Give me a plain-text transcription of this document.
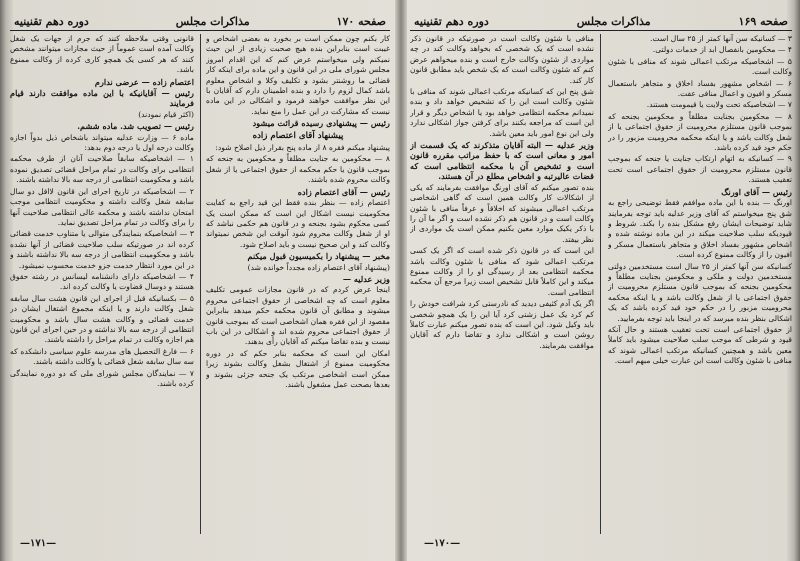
صفحه ۱۷۰
مذاکرات مجلس
دوره دهم تقنینیه

کار بکنم چون ممکن است بر بخورد به بعضی اشخاص و غیبت است بنابراین بنده هیچ صحبت زیادی از این حیث نمیکنم ولی میخواستم عرض کنم که این اقدام امروز مجلس شورای ملی در این قانون و این ماده برای اینکه کار قضائی ما روشنتر بشود و تکلیف وکلا و اشخاص معلوم باشد کمال لزوم را دارد و بنده اطمینان دارم که آقایان با این نظر موافقت خواهند فرمود و اشکالی در این ماده نیست که مشارکت در این عمل را منع نماید.

رئیس — پیشنهادی رسیده قرائت میشود

پیشنهاد آقای اعتصام زاده

پیشنهاد میکنم فقره ۸ از ماده پنج بقرار ذیل اصلاح شود:

۸ — محکومین به جنایت مطلقاً و محکومین به جنحه که بموجب قانون یا حکم محکمه از حقوق اجتماعی یا از شغل وکالت محروم شده باشند.

رئیس — آقای اعتصام زاده

اعتصام زاده — بنظر بنده فقط این قید راجع به کفایت محکومیت نیست اشکال این است که ممکن است یک کسی محکوم بشود بجنحه و در قانون هم حکمی نباشد که او از شغل وکالت محروم شود آنوقت این شخص نمیتواند وکالت کند و این صحیح نیست و باید اصلاح شود.

مخبر — پیشنهاد را بکمیسیون قبول میکنم

(پیشنهاد آقای اعتصام زاده مجدداً خوانده شد)

وزیر عدلیه —

اینجا عرض کردم که در قانون مجازات عمومی تکلیف معلوم است که چه اشخاصی از حقوق اجتماعی محروم میشوند و مطابق آن قانون محکمه حکم میدهد بنابراین مقصود از این فقره همان اشخاصی است که بموجب قانون از حقوق اجتماعی محروم شده اند و اشکالی در این باب نیست و بنده تقاضا میکنم که آقایان رأی بدهند.

امکان این است که محکمه بنابر حکم که در دوره محکومیت ممنوع از اشتغال بشغل وکالت بشوند زیرا ممکن است اشخاصی مرتکب یک جنحه جزئی بشوند و بعدها بصحت عمل مشغول باشند.

قانونی وقتی ملاحظه کنند که جرم از جهات یک شغل وکالت آمده است عموماً از حیث مجازات میتوانند مشخص کنند که هر کسی یک همچو کاری کرده از وکالت ممنوع باشد.

اعتصام زاده — عرضی ندارم

رئیس — آقایانیکه با این ماده موافقت دارند قیام فرمایند

(اکثر قیام نمودند)

رئیس — تصویب شد. ماده ششم.

ماده ۶ — وزارت عدلیه میتواند باشخاص ذیل بدواً اجازه وکالت درجه اول یا درجه دوم بدهد:

۱ — اشخاصیکه سابقاً صلاحیت آنان از طرف محکمه انتظامی برای وکالت در تمام مراحل قضائی تصدیق نموده باشد و محکومیت انتظامی از درجه سه بالا نداشته باشند.

۲ — اشخاصیکه در تاریخ اجرای این قانون لااقل دو سال سابقه شغل وکالت داشته و محکومیت انتظامی موجب امتحان نداشته باشند و محکمه عالی انتظامی صلاحیت آنها را برای وکالت در تمام مراحل تصدیق نماید.

۳ — اشخاصیکه بنمایندگی متوالی یا متناوب خدمت قضائی کرده اند در صورتیکه سلب صلاحیت قضائی از آنها نشده باشد و محکومیت انتظامی از درجه سه بالا نداشته باشند و در این مورد انتظار خدمت جزو خدمت محسوب نمیشود.

۴ — اشخاصیکه دارای دانشنامه لیسانس در رشته حقوق هستند و دوسال قضاوت یا وکالت کرده اند.

۵ — بکسانیکه قبل از اجرای این قانون هشت سال سابقه شغل وکالت دارند و یا اینکه مجموع اشتغال ایشان در خدمت قضائی و وکالت هشت سال باشد و محکومیت انتظامی از درجه سه بالا نداشته و در حین اجرای این قانون هم اجازه وکالت در تمام مراحل را داشته باشند.

۶ — فارغ التحصیل های مدرسه علوم سیاسی دانشکده که سه سال سابقه شغل قضائی یا وکالت داشته باشند.

۷ — نمایندگان مجلس شورای ملی که دو دوره نمایندگی کرده باشند.

—۱۷۱—
صفحه ۱۶۹
مذاکرات مجلس
دوره دهم تقنینیه

۳ — کسانیکه سن آنها کمتر از ۲۵ سال است.

۴ — محکومین بانفصال ابد از خدمات دولتی.

۵ — اشخاصیکه مرتکب اعمالی شوند که منافی با شئون وکالت است.

۶ — اشخاص مشهور بفساد اخلاق و متجاهر باستعمال مسکر و افیون و اعمال منافی عفت.

۷ — اشخاصیکه تحت ولایت یا قیمومت هستند.

۸ — محکومین بجنایت مطلقاً و محکومین بجنحه که بموجب قانون مستلزم محرومیت از حقوق اجتماعی یا از شغل وکالت باشد و یا اینکه محکمه محرومیت مزبور را در حکم خود قید کرده باشد.

۹ — کسانیکه به اتهام ارتکاب جنایت یا جنحه که بموجب قانون مستلزم محرومیت از حقوق اجتماعی است تحت تعقیب هستند.

رئیس — آقای اورنگ

اورنگ — بنده با این ماده موافقم فقط توضیحی راجع به شق پنج میخواستم که آقای وزیر عدلیه باید توجه بفرمایند شاید توضیحات ایشان رفع مشکل بنده را بکند. شروط و قیودیکه سلب صلاحیت میکند در این ماده نوشته شده و اشخاص مشهور بفساد اخلاق و متجاهر باستعمال مسکر و افیون را از وکالت ممنوع کرده است.

کسانیکه سن آنها کمتر از ۲۵ سال است مستخدمین دولتی مستخدمین دولت و ملکی و محکومین بجنایت مطلقاً و محکومین بجنحه که بموجب قانون مستلزم محرومیت از حقوق اجتماعی یا از شغل وکالت باشد و یا اینکه محکمه محرومیت مزبور را در حکم خود قید کرده باشد که یک اشکالی بنظر بنده میرسد که در اینجا باید توجه بفرمایید.

از حقوق اجتماعی است تحت تعقیب هستند و حال آنکه قیود و شرطی که موجب سلب صلاحیت میشود باید کاملاً معین باشد و همچنین کسانیکه مرتکب اعمالی شوند که منافی با شئون وکالت است این عبارت خیلی مبهم است.

منافی با شئون وکالت است در صورتیکه در قانون ذکر نشده است که یک شخصی که بخواهد وکالت کند در چه مواردی از شئون وکالت خارج است و بنده میخواهم عرض کنم که شئون وکالت است که بک شخص باید مطابق قانون کار کند.

شق پنج این که کسانیکه مرتکب اعمالی شوند که منافی با شئون وکالت است این را که تشخیص خواهد داد و بنده نمیدانم محکمه انتظامی خواهد بود یا اشخاص دیگر و قرار این است که مراجعه بکنند برای کرفتن جواز اشکالی ندارد ولی این نوع امور باید معین باشد.

وزیر عدلیه — البته آقایان متذکرند که یک قسمت از امور و معانی است که با حفظ مراتب مقرره قانون است و تشخیص آن با محکمه انتظامی است که قضات عالیرتبه و اشخاص مطلع در آن هستند.

بنده تصور میکنم که آقای اورنگ موافقت بفرمایند که یکی از اشکالات کار وکالت همین است که گاهی اشخاصی مرتکب اعمالی میشوند که اخلاقاً و عرفاً منافی با شئون وکالت است و در قانون هم ذکر نشده است و اگر ما آن را با ذکر یکیک موارد معین بکنیم ممکن است یک مواردی از نظر بیفتد.

این است که در قانون ذکر شده است که اگر یک کسی مرتکب اعمالی شود که منافی با شئون وکالت باشد محکمه انتظامی بعد از رسیدگی او را از وکالت ممنوع میکند و این کاملاً قابل تشخیص است زیرا مرجع آن محکمه انتظامی است.

اگر یک آدم کثیفی دیدید که نادرستی کرد شرافت خودش را کم کرد یک عمل زشتی کرد آیا این را یک همچو شخصی باید وکیل شود. این است که بنده تصور میکنم عبارت کاملاً روشن است و اشکالی ندارد و تقاضا دارم که آقایان موافقت بفرمایند.

—۱۷۰—
